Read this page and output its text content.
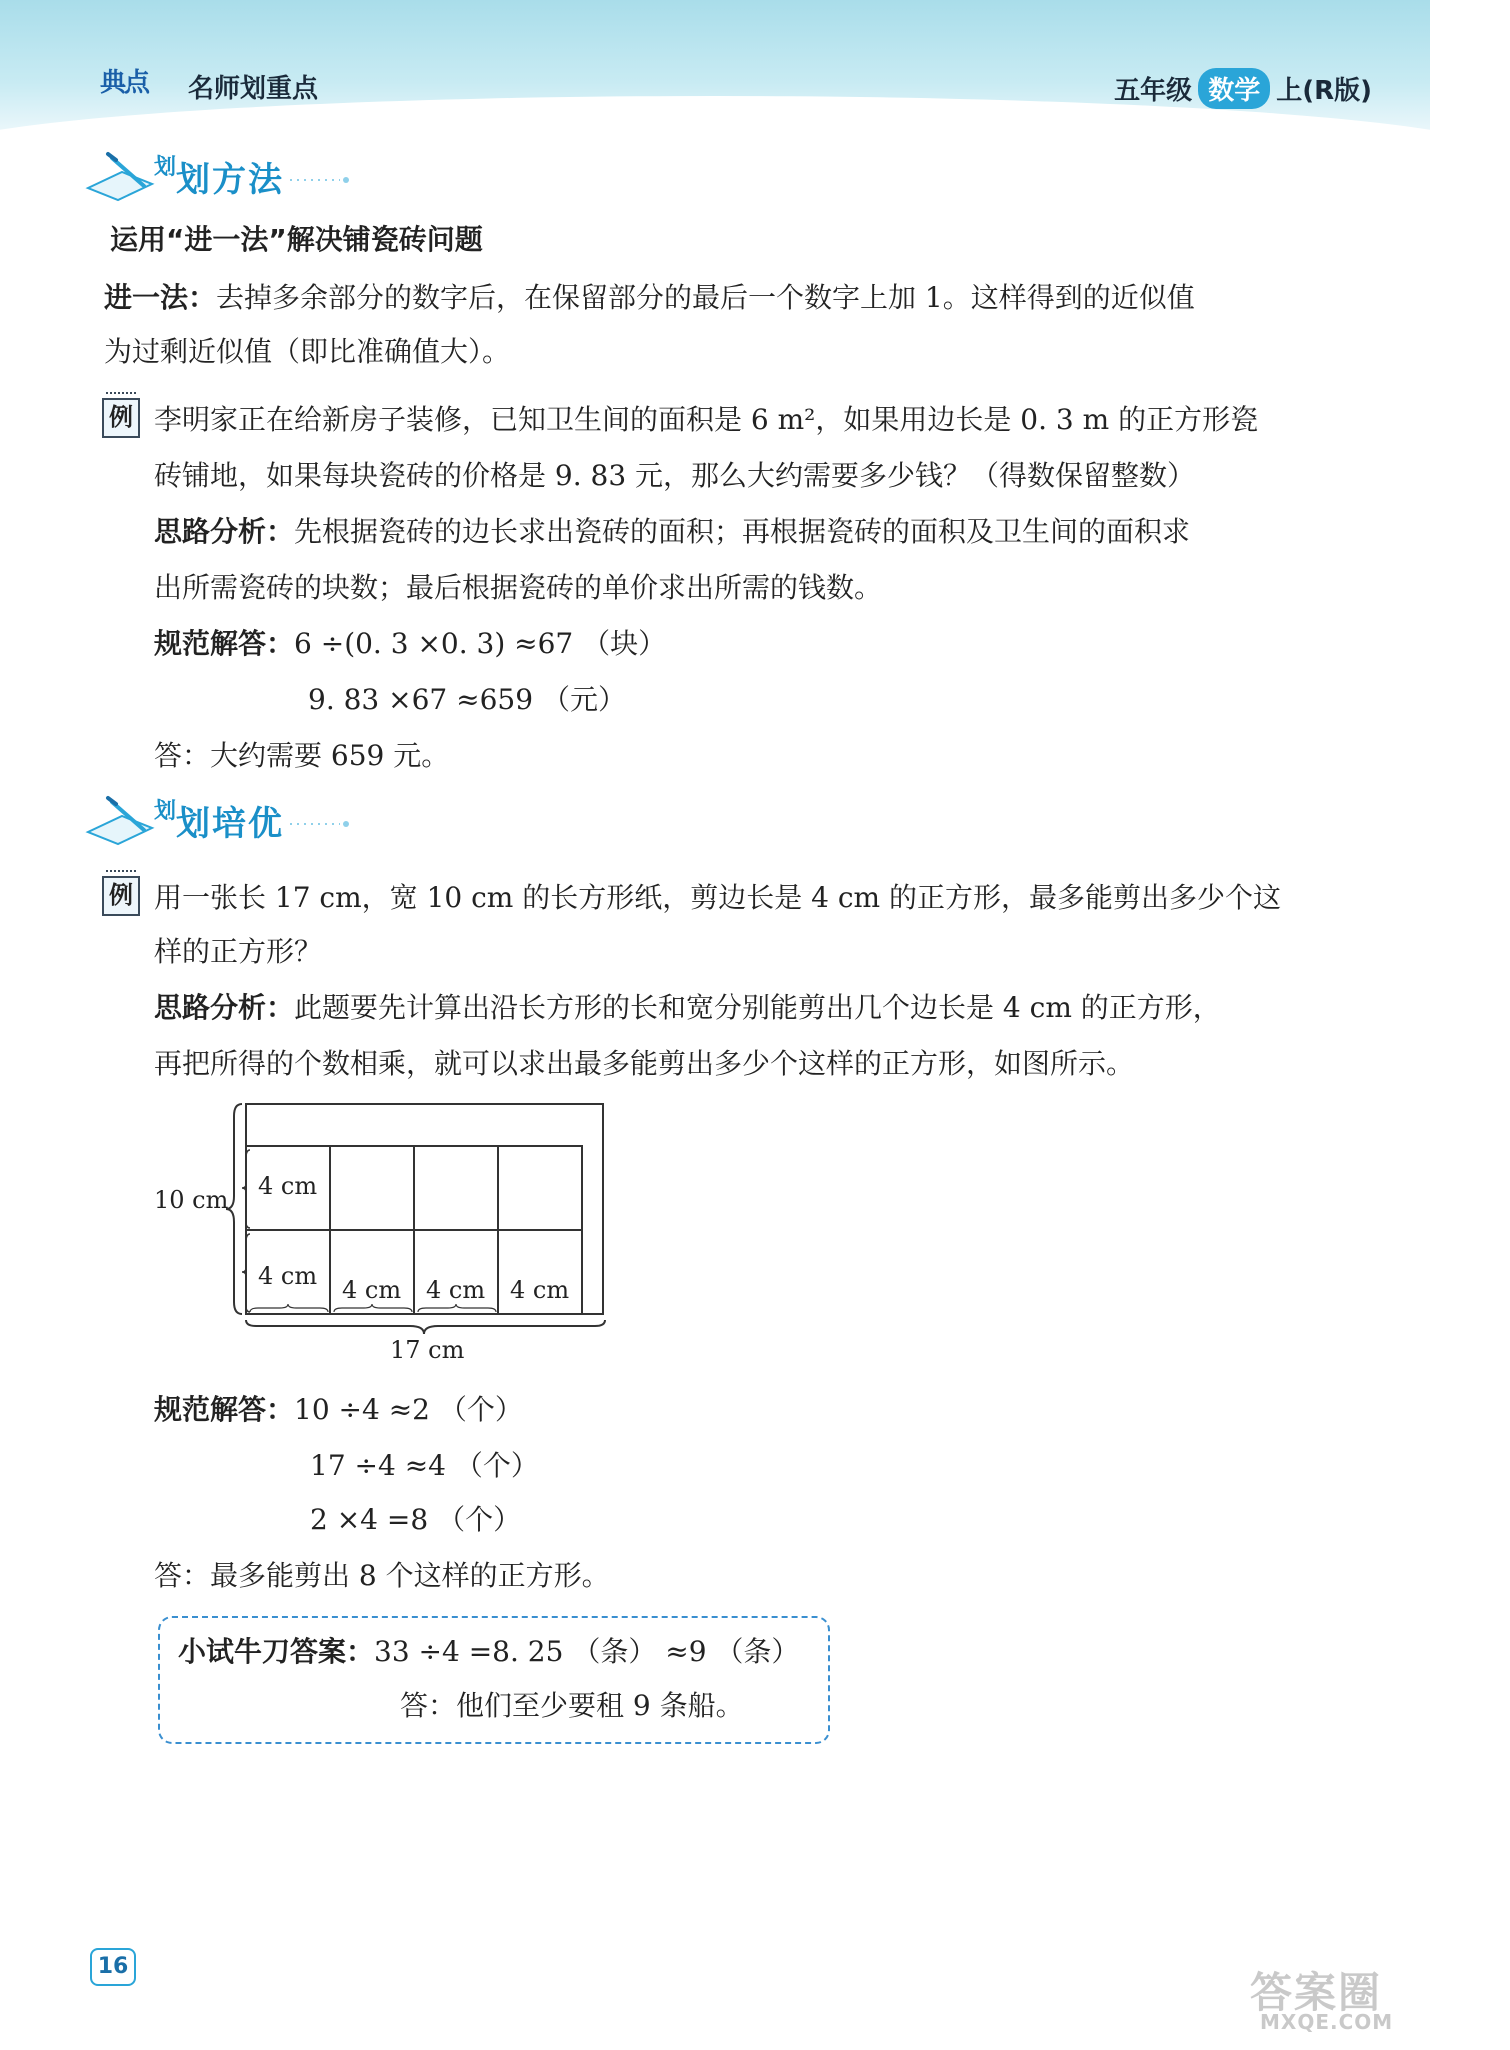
典点	名师划重点	五年级 数学 上(R版)
划 划方法
运用“进一法”解决铺瓷砖问题
进一法：去掉多余部分的数字后，在保留部分的最后一个数字上加 1。这样得到的近似值
为过剩近似值（即比准确值大）。
例 李明家正在给新房子装修，已知卫生间的面积是 6 m²，如果用边长是 0. 3 m 的正方形瓷
砖铺地，如果每块瓷砖的价格是 9. 83 元，那么大约需要多少钱？（得数保留整数）
思路分析：先根据瓷砖的边长求出瓷砖的面积；再根据瓷砖的面积及卫生间的面积求
出所需瓷砖的块数；最后根据瓷砖的单价求出所需的钱数。
规范解答：6 ÷(0. 3 ×0. 3) ≈67 （块）
9. 83 ×67 ≈659 （元）
答：大约需要 659 元。
划 划培优
例 用一张长 17 cm，宽 10 cm 的长方形纸，剪边长是 4 cm 的正方形，最多能剪出多少个这
样的正方形？
思路分析：此题要先计算出沿长方形的长和宽分别能剪出几个边长是 4 cm 的正方形，
再把所得的个数相乘，就可以求出最多能剪出多少个这样的正方形，如图所示。
10 cm 4 cm
4 cm 4 cm 4 cm 4 cm
17 cm
规范解答：10 ÷4 ≈2 （个）
17 ÷4 ≈4 （个）
2 ×4 =8 （个）
答：最多能剪出 8 个这样的正方形。
小试牛刀答案：33 ÷4 =8. 25 （条） ≈9 （条）
答：他们至少要租 9 条船。
16
答案圈
MXQE.COM
